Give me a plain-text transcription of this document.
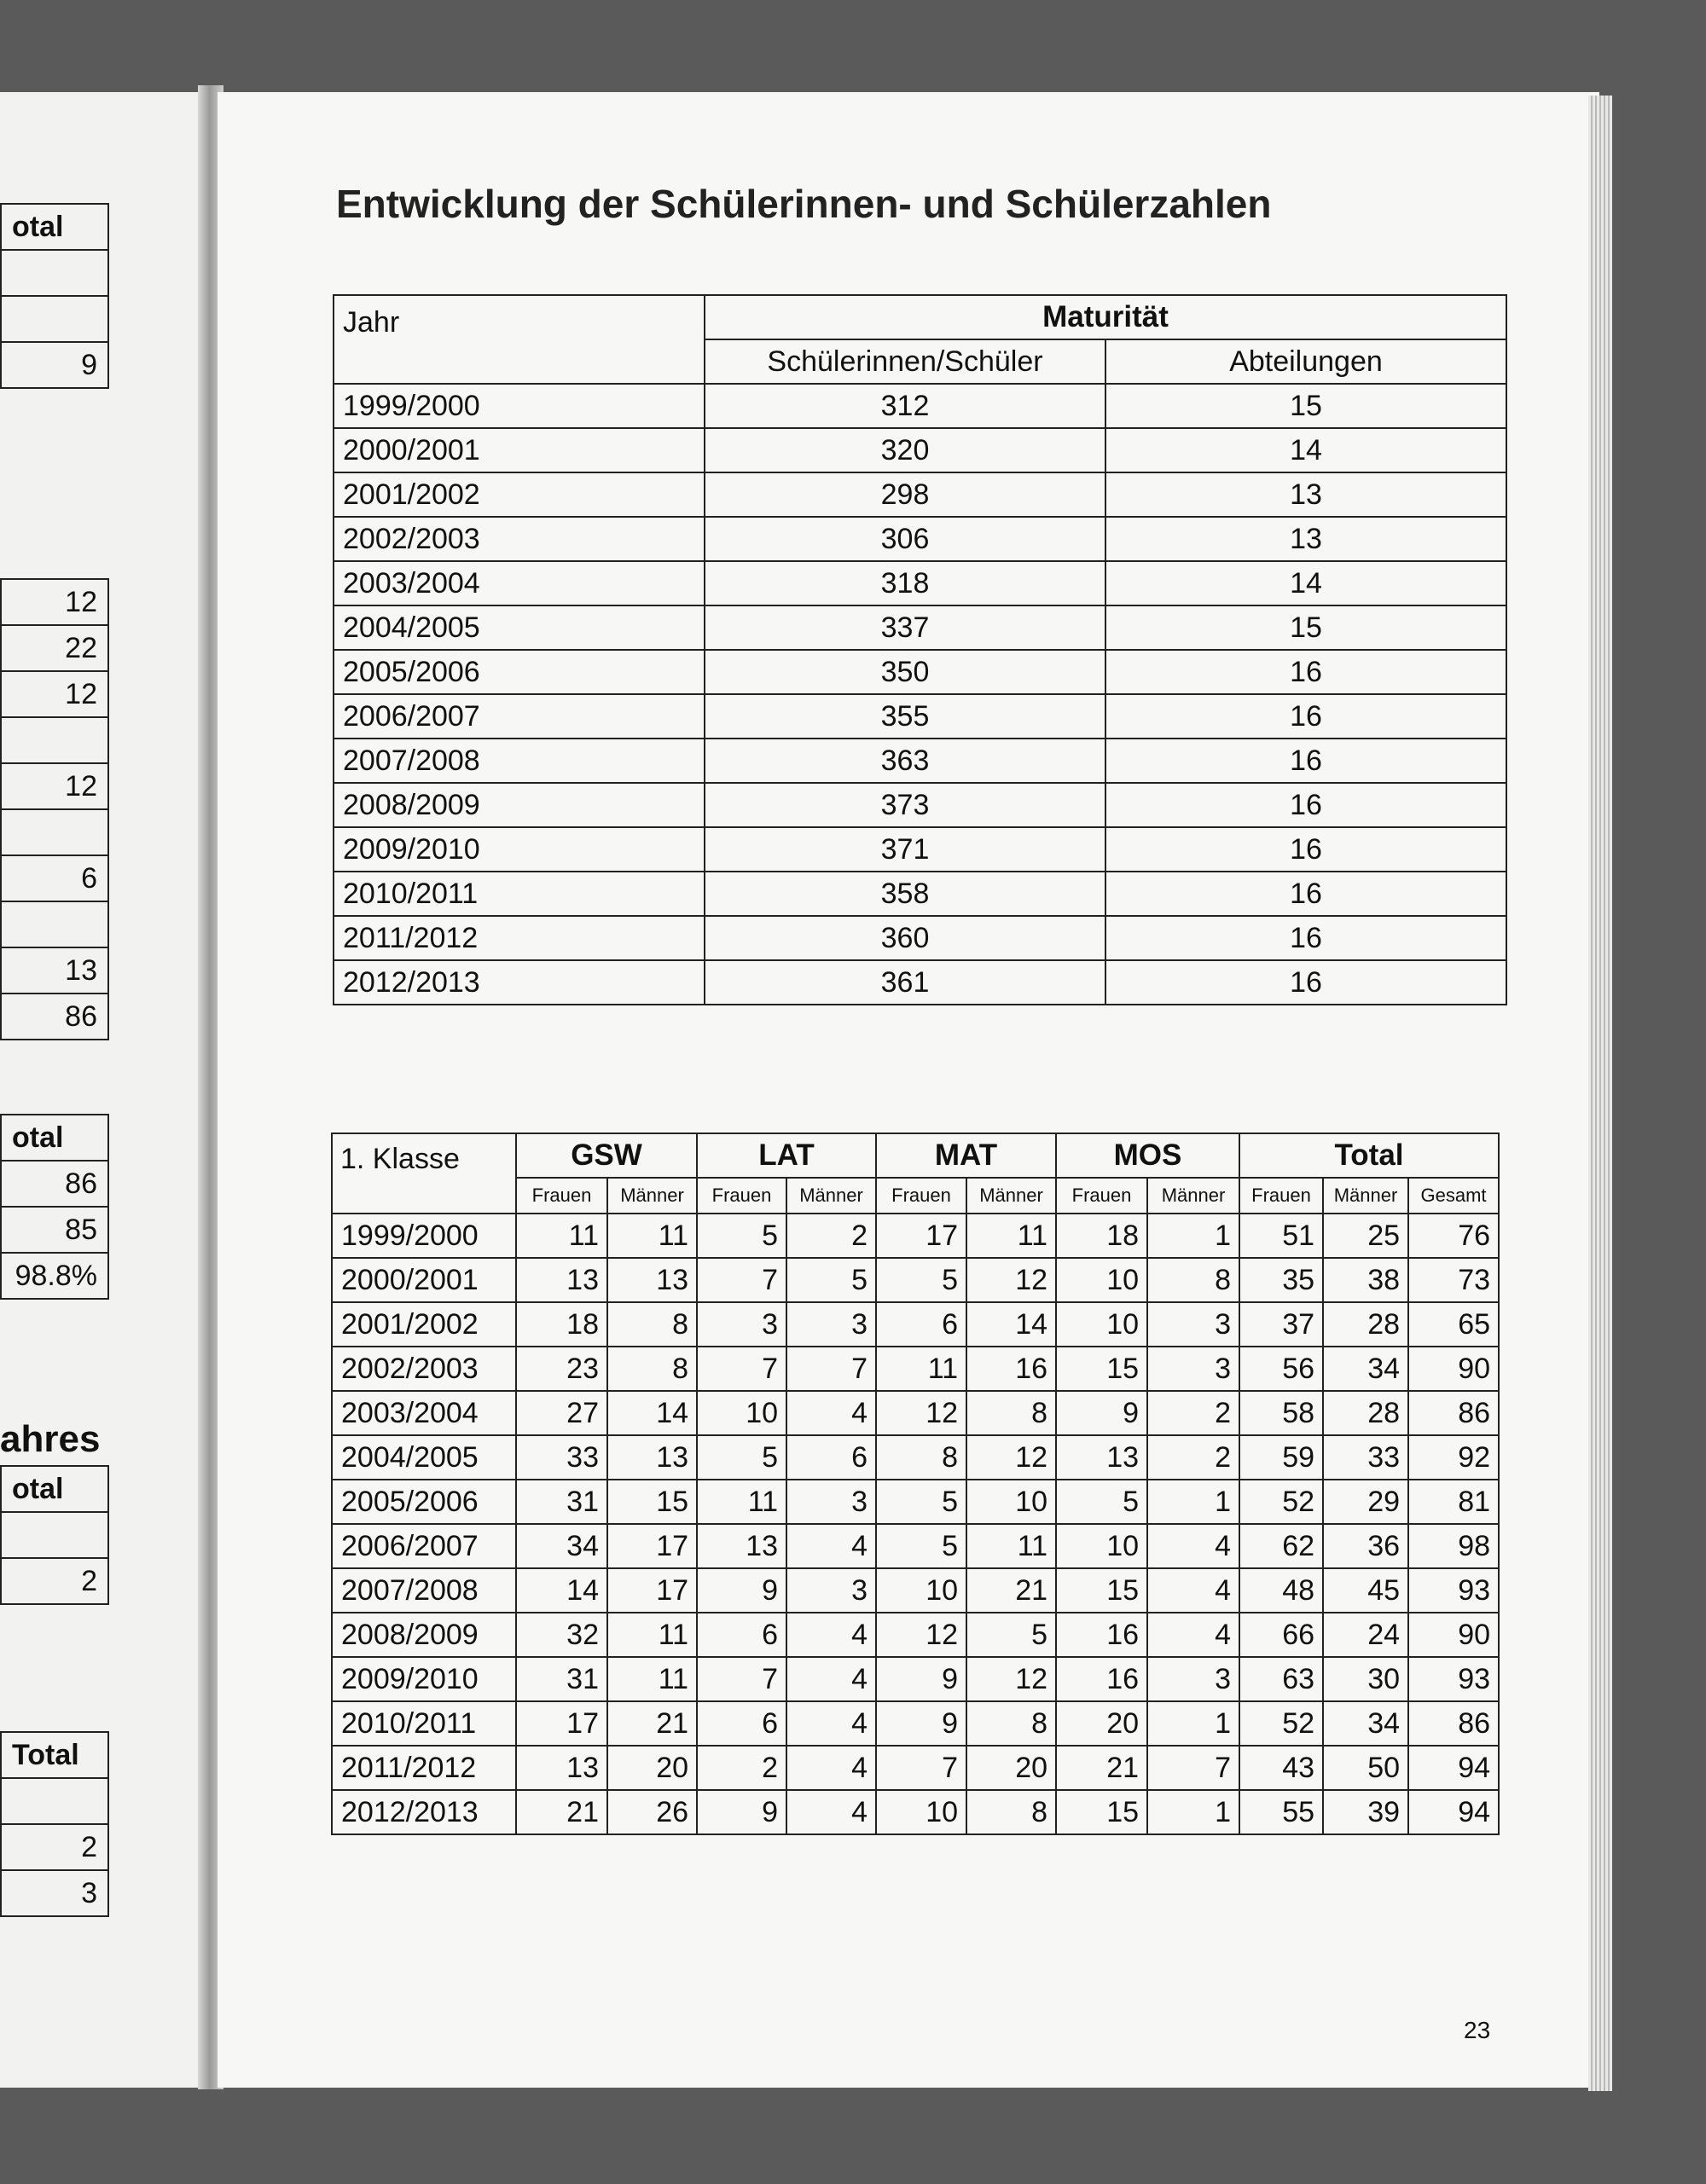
otal

9
12
22
12

12

6

13
86
otal
86
85
98.8%
ahres
otal

2
Total

2
3
Entwicklung der Schülerinnen- und Schülerzahlen
Jahr	Maturität	
	Schülerinnen/Schüler	Abteilungen
1999/2000	312	15
2000/2001	320	14
2001/2002	298	13
2002/2003	306	13
2003/2004	318	14
2004/2005	337	15
2005/2006	350	16
2006/2007	355	16
2007/2008	363	16
2008/2009	373	16
2009/2010	371	16
2010/2011	358	16
2011/2012	360	16
2012/2013	361	16
1. Klasse	GSW		LAT		MAT		MOS		Total		
	Frauen	Männer	Frauen	Männer	Frauen	Männer	Frauen	Männer	Frauen	Männer	Gesamt
1999/2000	11	11	5	2	17	11	18	1	51	25	76
2000/2001	13	13	7	5	5	12	10	8	35	38	73
2001/2002	18	8	3	3	6	14	10	3	37	28	65
2002/2003	23	8	7	7	11	16	15	3	56	34	90
2003/2004	27	14	10	4	12	8	9	2	58	28	86
2004/2005	33	13	5	6	8	12	13	2	59	33	92
2005/2006	31	15	11	3	5	10	5	1	52	29	81
2006/2007	34	17	13	4	5	11	10	4	62	36	98
2007/2008	14	17	9	3	10	21	15	4	48	45	93
2008/2009	32	11	6	4	12	5	16	4	66	24	90
2009/2010	31	11	7	4	9	12	16	3	63	30	93
2010/2011	17	21	6	4	9	8	20	1	52	34	86
2011/2012	13	20	2	4	7	20	21	7	43	50	94
2012/2013	21	26	9	4	10	8	15	1	55	39	94
23
